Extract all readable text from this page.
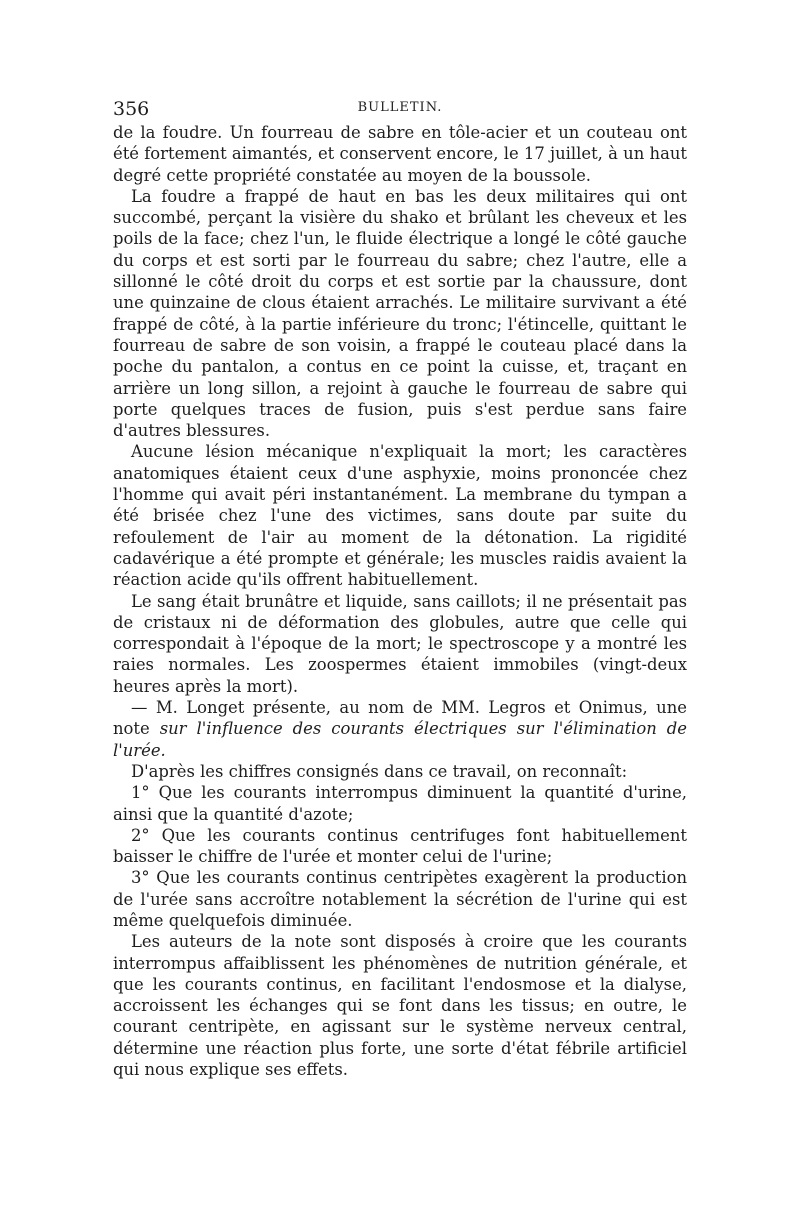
356	BULLETIN.

de la foudre. Un fourreau de sabre en tôle-acier et un couteau ont été fortement aimantés, et conservent encore, le 17 juillet, à un haut degré cette propriété constatée au moyen de la boussole.

La foudre a frappé de haut en bas les deux militaires qui ont succombé, perçant la visière du shako et brûlant les cheveux et les poils de la face; chez l'un, le fluide électrique a longé le côté gauche du corps et est sorti par le fourreau du sabre; chez l'autre, elle a sillonné le côté droit du corps et est sortie par la chaussure, dont une quinzaine de clous étaient arrachés. Le militaire survivant a été frappé de côté, à la partie inférieure du tronc; l'étincelle, quittant le fourreau de sabre de son voisin, a frappé le couteau placé dans la poche du pantalon, a contus en ce point la cuisse, et, traçant en arrière un long sillon, a rejoint à gauche le fourreau de sabre qui porte quelques traces de fusion, puis s'est perdue sans faire d'autres blessures.

Aucune lésion mécanique n'expliquait la mort; les caractères anatomiques étaient ceux d'une asphyxie, moins prononcée chez l'homme qui avait péri instantanément. La membrane du tympan a été brisée chez l'une des victimes, sans doute par suite du refoulement de l'air au moment de la détonation. La rigidité cadavérique a été prompte et générale; les muscles raidis avaient la réaction acide qu'ils offrent habituellement.

Le sang était brunâtre et liquide, sans caillots; il ne présentait pas de cristaux ni de déformation des globules, autre que celle qui correspondait à l'époque de la mort; le spectroscope y a montré les raies normales. Les zoospermes étaient immobiles (vingt-deux heures après la mort).

— M. Longet présente, au nom de MM. Legros et Onimus, une note sur l'influence des courants électriques sur l'élimination de l'urée.

D'après les chiffres consignés dans ce travail, on reconnaît:

1° Que les courants interrompus diminuent la quantité d'urine, ainsi que la quantité d'azote;

2° Que les courants continus centrifuges font habituellement baisser le chiffre de l'urée et monter celui de l'urine;

3° Que les courants continus centripètes exagèrent la production de l'urée sans accroître notablement la sécrétion de l'urine qui est même quelquefois diminuée.

Les auteurs de la note sont disposés à croire que les courants interrompus affaiblissent les phénomènes de nutrition générale, et que les courants continus, en facilitant l'endosmose et la dialyse, accroissent les échanges qui se font dans les tissus; en outre, le courant centripète, en agissant sur le système nerveux central, détermine une réaction plus forte, une sorte d'état fébrile artificiel qui nous explique ses effets.
